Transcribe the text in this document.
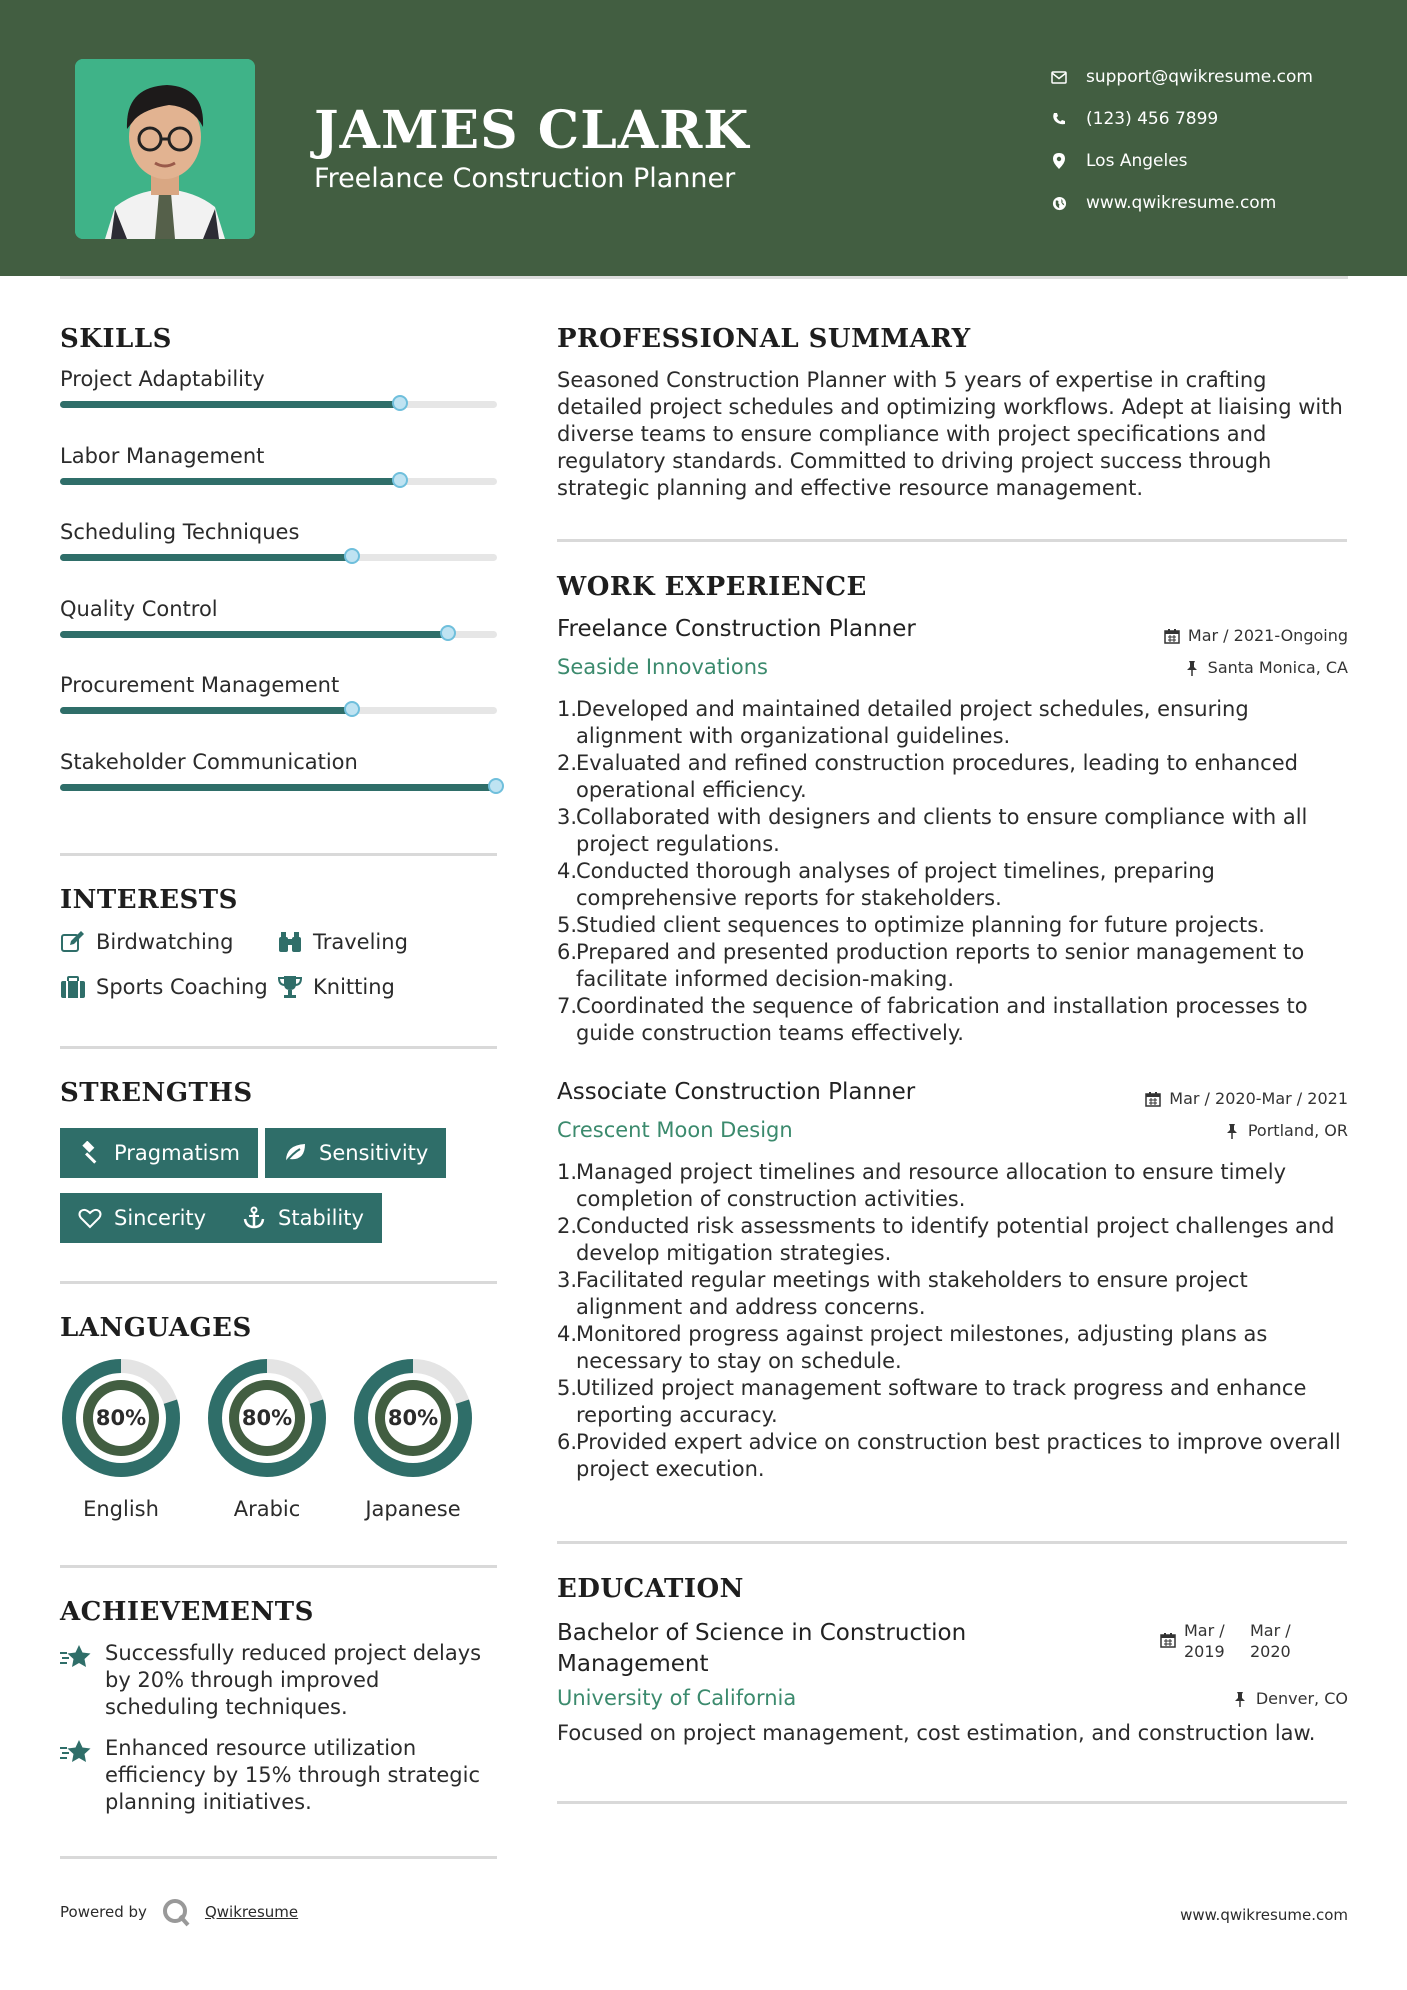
JAMES CLARK
Freelance Construction Planner
support@qwikresume.com
(123) 456 7899
Los Angeles
www.qwikresume.com
SKILLS
Project Adaptability
Labor Management
Scheduling Techniques
Quality Control
Procurement Management
Stakeholder Communication
INTERESTS
Birdwatching	Traveling
Sports Coaching Knitting
STRENGTHS
Pragmatism	Sensitivity
Sincerity	Stability
LANGUAGES
80%
English
80%
Arabic
80%
Japanese
ACHIEVEMENTS
Successfully reduced project delays by 20% through improved scheduling techniques.
Enhanced resource utilization efficiency by 15% through strategic planning initiatives.
PROFESSIONAL SUMMARY

Seasoned Construction Planner with 5 years of expertise in crafting detailed project schedules and optimizing workflows. Adept at liaising with diverse teams to ensure compliance with project specifications and regulatory standards. Committed to driving project success through strategic planning and effective resource management.

WORK EXPERIENCE
Freelance Construction Planner	Mar / 2021-Ongoing
Seaside Innovations	Santa Monica, CA
1.
Developed and maintained detailed project schedules, ensuring alignment with organizational guidelines.
2.
Evaluated and refined construction procedures, leading to enhanced operational efficiency.
3.
Collaborated with designers and clients to ensure compliance with all project regulations.
4.
Conducted thorough analyses of project timelines, preparing comprehensive reports for stakeholders.
5.
Studied client sequences to optimize planning for future projects.
6.
Prepared and presented production reports to senior management to facilitate informed decision-making.
7.
Coordinated the sequence of fabrication and installation processes to guide construction teams effectively.
Associate Construction Planner	Mar / 2020-Mar / 2021
Crescent Moon Design	Portland, OR
1.
Managed project timelines and resource allocation to ensure timely completion of construction activities.
2.
Conducted risk assessments to identify potential project challenges and develop mitigation strategies.
3.
Facilitated regular meetings with stakeholders to ensure project alignment and address concerns.
4.
Monitored progress against project milestones, adjusting plans as necessary to stay on schedule.
5.
Utilized project management software to track progress and enhance reporting accuracy.
6.
Provided expert advice on construction best practices to improve overall project execution.
EDUCATION
Bachelor of Science in Construction Management
Mar / 2019
Mar / 2020
University of California	Denver, CO
Focused on project management, cost estimation, and construction law.
Powered by	Qwikresume	www.qwikresume.com
